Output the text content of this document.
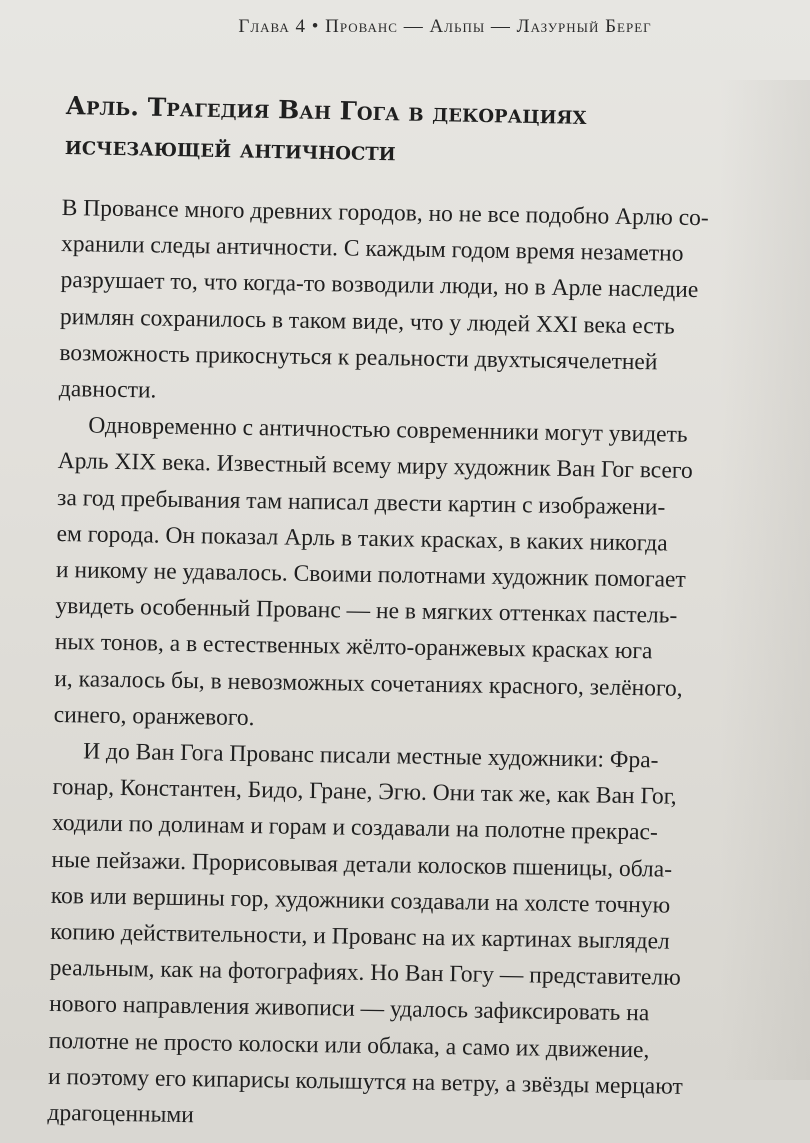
Глава 4 • Прованс — Альпы — Лазурный Берег
Арль. Трагедия Ван Гога в декорациях
исчезающей античности
В Провансе много древних городов, но не все подобно Арлю со-
хранили следы античности. С каждым годом время незаметно
разрушает то, что когда-то возводили люди, но в Арле наследие
римлян сохранилось в таком виде, что у людей XXI века есть
возможность прикоснуться к реальности двухтысячелетней
давности.
Одновременно с античностью современники могут увидеть
Арль XIX века. Известный всему миру художник Ван Гог всего
за год пребывания там написал двести картин с изображени-
ем города. Он показал Арль в таких красках, в каких никогда
и никому не удавалось. Своими полотнами художник помогает
увидеть особенный Прованс — не в мягких оттенках пастель-
ных тонов, а в естественных жёлто-оранжевых красках юга
и, казалось бы, в невозможных сочетаниях красного, зелёного,
синего, оранжевого.
И до Ван Гога Прованс писали местные художники: Фра-
гонар, Константен, Бидо, Гране, Эгю. Они так же, как Ван Гог,
ходили по долинам и горам и создавали на полотне прекрас-
ные пейзажи. Прорисовывая детали колосков пшеницы, обла-
ков или вершины гор, художники создавали на холсте точную
копию действительности, и Прованс на их картинах выглядел
реальным, как на фотографиях. Но Ван Гогу — представителю
нового направления живописи — удалось зафиксировать на
полотне не просто колоски или облака, а само их движение,
и поэтому его кипарисы колышутся на ветру, а звёзды мерцают
драгоценными
